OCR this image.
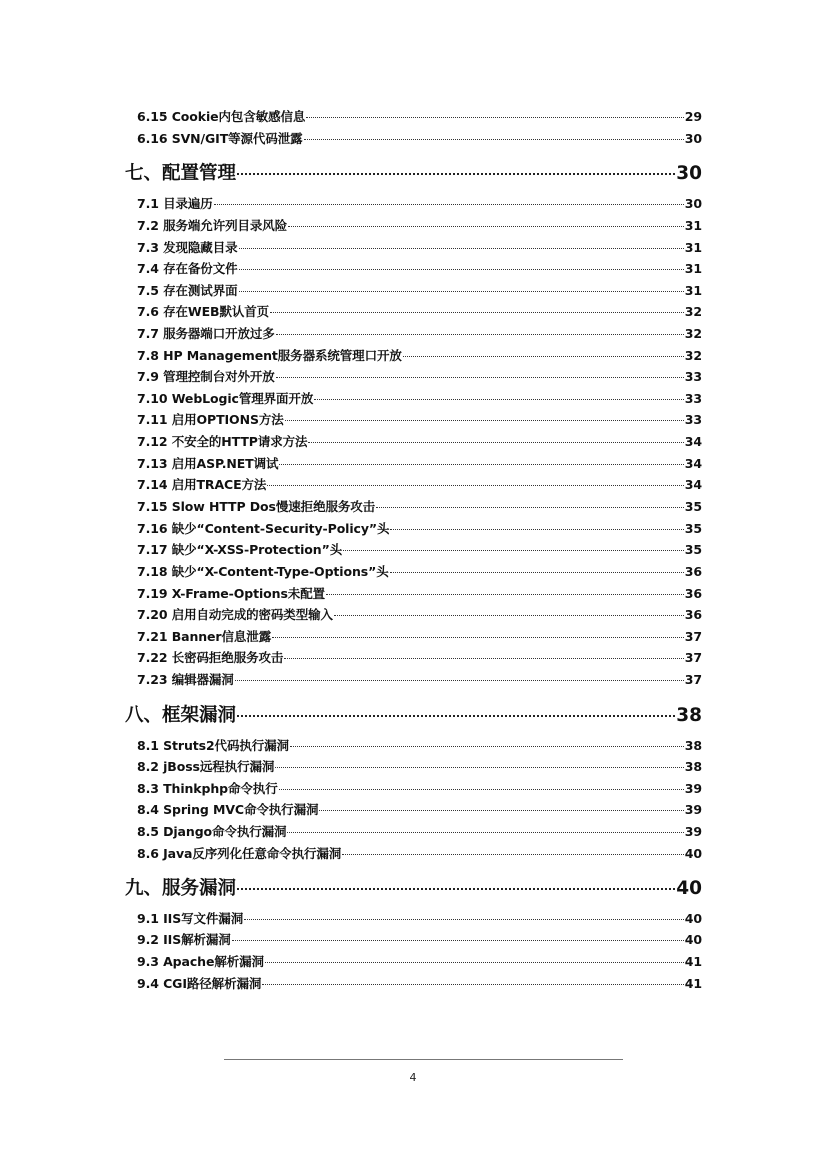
6.15 Cookie内包含敏感信息	29
6.16 SVN/GIT等源代码泄露	30
七、配置管理	30
7.1 目录遍历	30
7.2 服务端允许列目录风险	31
7.3 发现隐藏目录	31
7.4 存在备份文件	31
7.5 存在测试界面	31
7.6 存在WEB默认首页	32
7.7 服务器端口开放过多	32
7.8 HP Management服务器系统管理口开放	32
7.9 管理控制台对外开放	33
7.10 WebLogic管理界面开放	33
7.11 启用OPTIONS方法	33
7.12 不安全的HTTP请求方法	34
7.13 启用ASP.NET调试	34
7.14 启用TRACE方法	34
7.15 Slow HTTP Dos慢速拒绝服务攻击	35
7.16 缺少“Content-Security-Policy”头	35
7.17 缺少“X-XSS-Protection”头	35
7.18 缺少“X-Content-Type-Options”头	36
7.19 X-Frame-Options未配置	36
7.20 启用自动完成的密码类型输入	36
7.21 Banner信息泄露	37
7.22 长密码拒绝服务攻击	37
7.23 编辑器漏洞	37
八、框架漏洞	38
8.1 Struts2代码执行漏洞	38
8.2 jBoss远程执行漏洞	38
8.3 Thinkphp命令执行	39
8.4 Spring MVC命令执行漏洞	39
8.5 Django命令执行漏洞	39
8.6 Java反序列化任意命令执行漏洞	40
九、服务漏洞	40
9.1 IIS写文件漏洞	40
9.2 IIS解析漏洞	40
9.3 Apache解析漏洞	41
9.4 CGI路径解析漏洞	41
4
